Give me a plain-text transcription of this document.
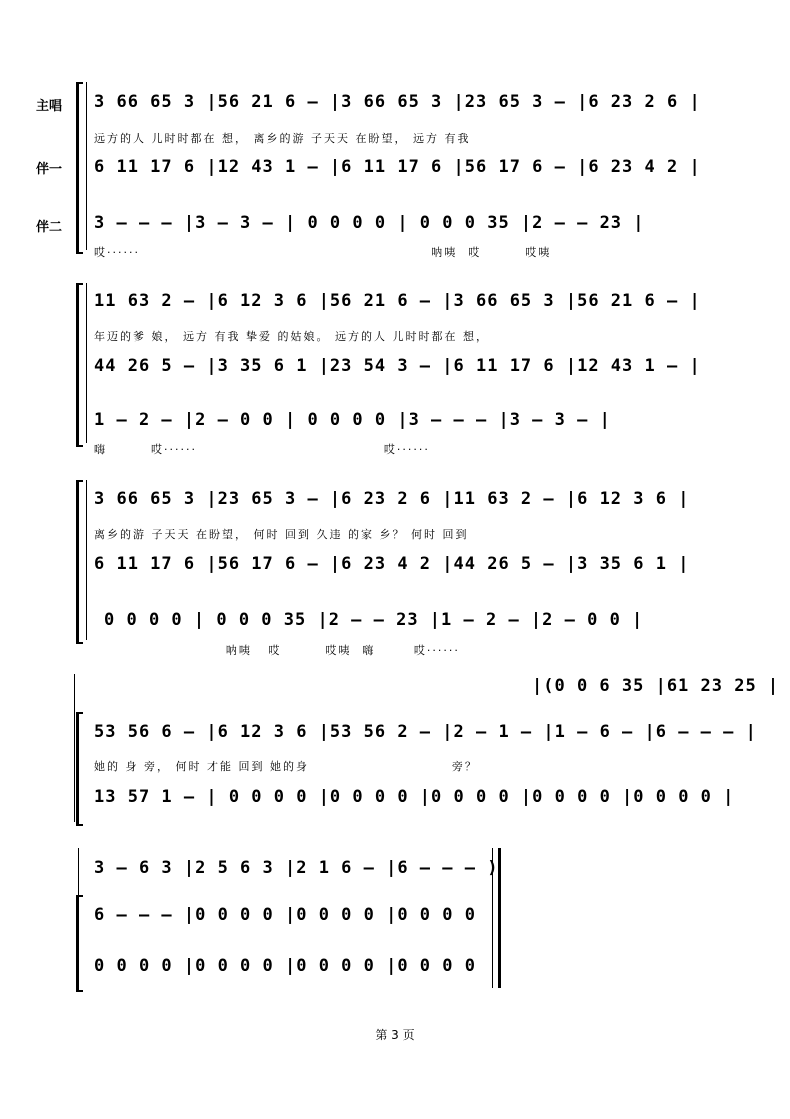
主唱
伴一
伴二
3 66 65 3 |56 21 6 – |3 66 65 3 |23 65 3 – |6 23 2 6 |
远方的人 儿时时都在 想， 离乡的游 子天天 在盼望， 远方 有我
6 11 17 6 |12 43 1 – |6 11 17 6 |56 17 6 – |6 23 4 2 |
3 – – – |3 – 3 – | 0 0 0 0 | 0 0 0 35 |2 – – 23 |
哎······                                                     呐咦  哎        哎咦
11 63 2 – |6 12 3 6 |56 21 6 – |3 66 65 3 |56 21 6 – |
年迈的爹 娘， 远方 有我 挚爱 的姑娘。 远方的人 儿时时都在 想，
44 26 5 – |3 35 6 1 |23 54 3 – |6 11 17 6 |12 43 1 – |
1 – 2 – |2 – 0 0 | 0 0 0 0 |3 – – – |3 – 3 – |
嗨        哎······                                  哎······
3 66 65 3 |23 65 3 – |6 23 2 6 |11 63 2 – |6 12 3 6 |
离乡的游 子天天 在盼望， 何时 回到 久违 的家 乡？ 何时 回到
6 11 17 6 |56 17 6 – |6 23 4 2 |44 26 5 – |3 35 6 1 |
0 0 0 0 | 0 0 0 35 |2 – – 23 |1 – 2 – |2 – 0 0 |
呐咦   哎        哎咦  嗨       哎······
|(0 0 6 35 |61 23 25 |
53 56 6 – |6 12 3 6 |53 56 2 – |2 – 1 – |1 – 6 – |6 – – – |
她的 身 旁， 何时 才能 回到 她的身                          旁？
13 57 1 – | 0 0 0 0 |0 0 0 0 |0 0 0 0 |0 0 0 0 |0 0 0 0 |
3 – 6 3 |2 5 6 3 |2 1 6 – |6 – – – )
6 – – – |0 0 0 0 |0 0 0 0 |0 0 0 0
0 0 0 0 |0 0 0 0 |0 0 0 0 |0 0 0 0
第 3 页
